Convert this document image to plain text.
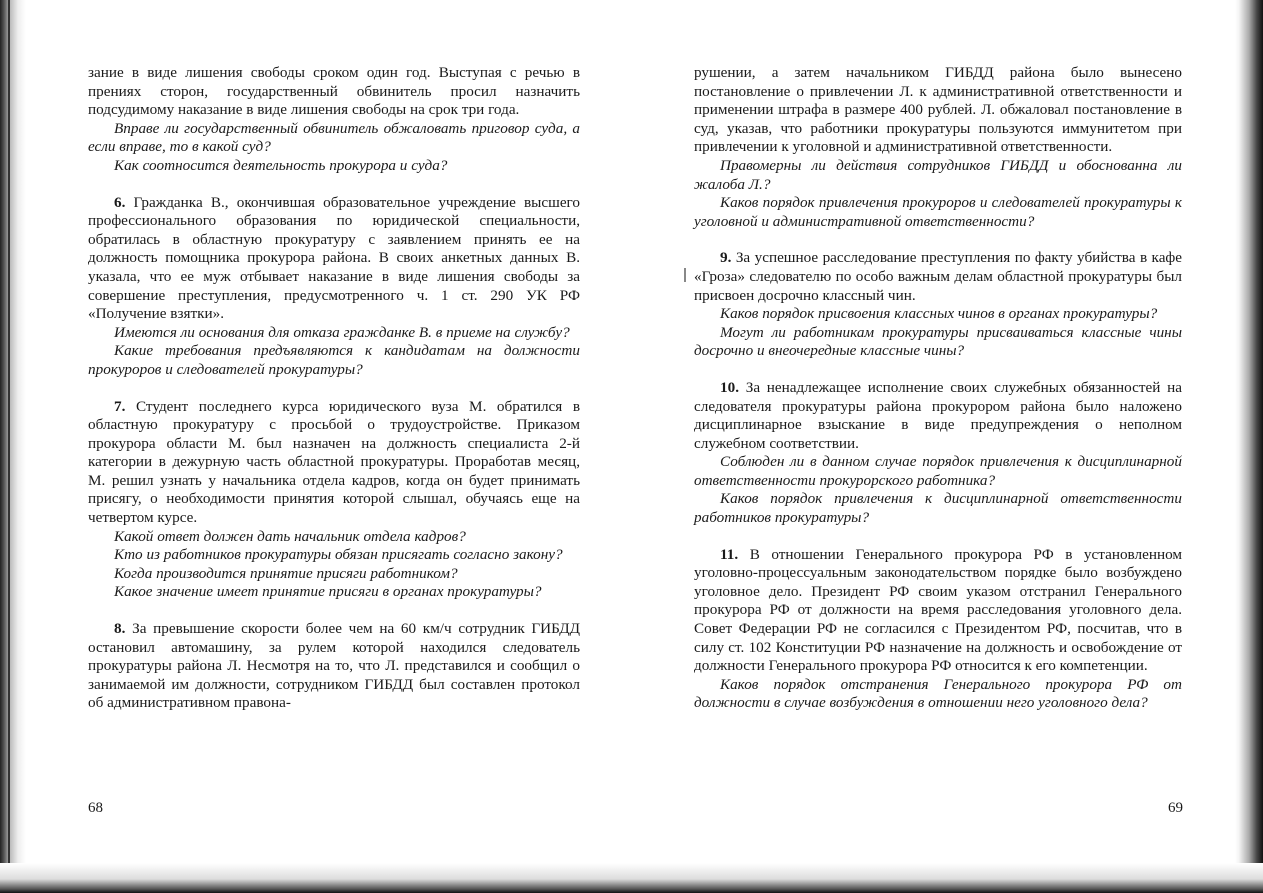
зание в виде лишения свободы сроком один год. Выступая с речью в прениях сторон, государственный обвинитель просил назначить подсудимому наказание в виде лишения свободы на срок три года.

Вправе ли государственный обвинитель обжаловать приговор суда, а если вправе, то в какой суд?

Как соотносится деятельность прокурора и суда?

6. Гражданка В., окончившая образовательное учреждение высшего профессионального образования по юридической специальности, обратилась в областную прокуратуру с заявлением принять ее на должность помощника прокурора района. В своих анкетных данных В. указала, что ее муж отбывает наказание в виде лишения свободы за совершение преступления, предусмотренного ч. 1 ст. 290 УК РФ «Получение взятки».

Имеются ли основания для отказа гражданке В. в приеме на службу?

Какие требования предъявляются к кандидатам на должности прокуроров и следователей прокуратуры?

7. Студент последнего курса юридического вуза М. обратился в областную прокуратуру с просьбой о трудоустройстве. Приказом прокурора области М. был назначен на должность специалиста 2-й категории в дежурную часть областной прокуратуры. Проработав месяц, М. решил узнать у начальника отдела кадров, когда он будет принимать присягу, о необходимости принятия которой слышал, обучаясь еще на четвертом курсе.

Какой ответ должен дать начальник отдела кадров?

Кто из работников прокуратуры обязан присягать согласно закону?

Когда производится принятие присяги работником?

Какое значение имеет принятие присяги в органах прокуратуры?

8. За превышение скорости более чем на 60 км/ч сотрудник ГИБДД остановил автомашину, за рулем которой находился следователь прокуратуры района Л. Несмотря на то, что Л. представился и сообщил о занимаемой им должности, сотрудником ГИБДД был составлен протокол об административном правона-

рушении, а затем начальником ГИБДД района было вынесено постановление о привлечении Л. к административной ответственности и применении штрафа в размере 400 рублей. Л. обжаловал постановление в суд, указав, что работники прокуратуры пользуются иммунитетом при привлечении к уголовной и административной ответственности.

Правомерны ли действия сотрудников ГИБДД и обоснованна ли жалоба Л.?

Каков порядок привлечения прокуроров и следователей прокуратуры к уголовной и административной ответственности?

9. За успешное расследование преступления по факту убийства в кафе «Гроза» следователю по особо важным делам областной прокуратуры был присвоен досрочно классный чин.

Каков порядок присвоения классных чинов в органах прокуратуры?

Могут ли работникам прокуратуры присваиваться классные чины досрочно и внеочередные классные чины?

10. За ненадлежащее исполнение своих служебных обязанностей на следователя прокуратуры района прокурором района было наложено дисциплинарное взыскание в виде предупреждения о неполном служебном соответствии.

Соблюден ли в данном случае порядок привлечения к дисциплинарной ответственности прокурорского работника?

Каков порядок привлечения к дисциплинарной ответственности работников прокуратуры?

11. В отношении Генерального прокурора РФ в установленном уголовно-процессуальным законодательством порядке было возбуждено уголовное дело. Президент РФ своим указом отстранил Генерального прокурора РФ от должности на время расследования уголовного дела. Совет Федерации РФ не согласился с Президентом РФ, посчитав, что в силу ст. 102 Конституции РФ назначение на должность и освобождение от должности Генерального прокурора РФ относится к его компетенции.

Каков порядок отстранения Генерального прокурора РФ от должности в случае возбуждения в отношении него уголовного дела?

68	69
